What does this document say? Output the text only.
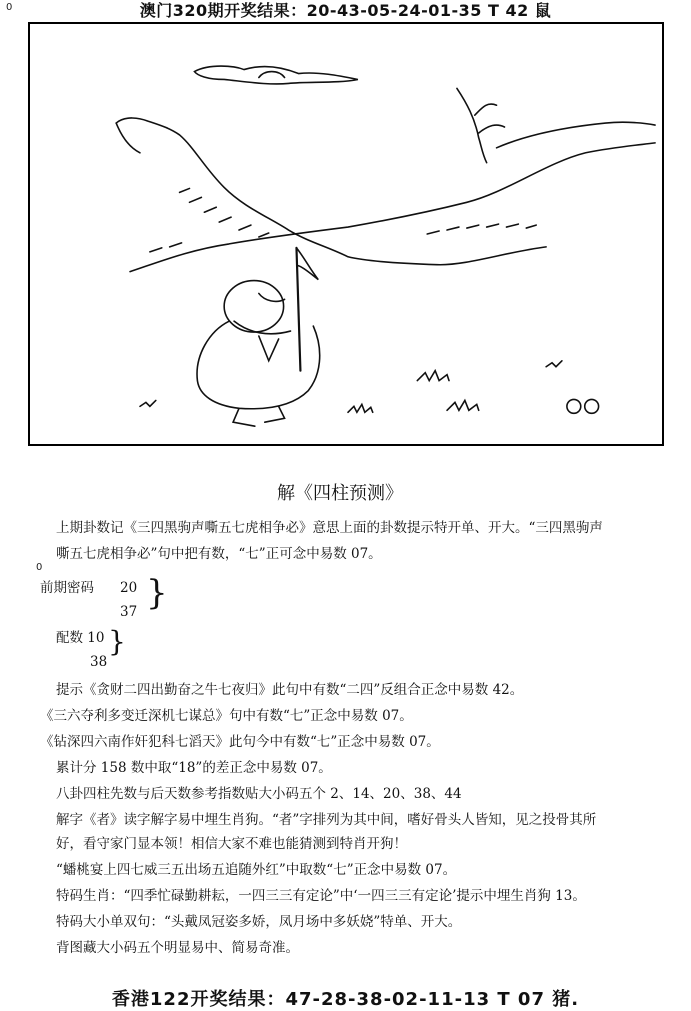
澳门320期开奖结果：20-43-05-24-01-35 T 42 鼠
0
解《四柱预测》
上期卦数记《三四黑驹声嘶五七虎相争必》意思上面的卦数提示特开单、开大。“三四黑驹声
嘶五七虎相争必”句中把有数，“七”正可念中易数 07。
0
前期密码 20
37 }
配数 10
38
}
提示《贪财二四出勤奋之牛七夜归》此句中有数“二四”反组合正念中易数 42。
《三六夺利多变迁深机七谋总》句中有数“七”正念中易数 07。
《钻深四六南作奸犯科七滔天》此句今中有数“七”正念中易数 07。
累计分 158 数中取“18”的差正念中易数 07。
八卦四柱先数与后天数参考指数贴大小码五个 2、14、20、38、44
解字《者》读字解字易中埋生肖狗。“者”字排列为其中间，嗜好骨头人皆知，见之投骨其所
好，看守家门显本领！相信大家不难也能猜测到特肖开狗！
“蟠桃宴上四七威三五出场五追随外红”中取数“七”正念中易数 07。
特码生肖：“四季忙碌勤耕耘，一四三三有定论”中‘一四三三有定论’提示中埋生肖狗 13。
特码大小单双句：“头戴凤冠姿多娇，凤月场中多妖娆”特单、开大。
背图藏大小码五个明显易中、简易奇准。
香港122开奖结果：47-28-38-02-11-13 T 07 猪.
